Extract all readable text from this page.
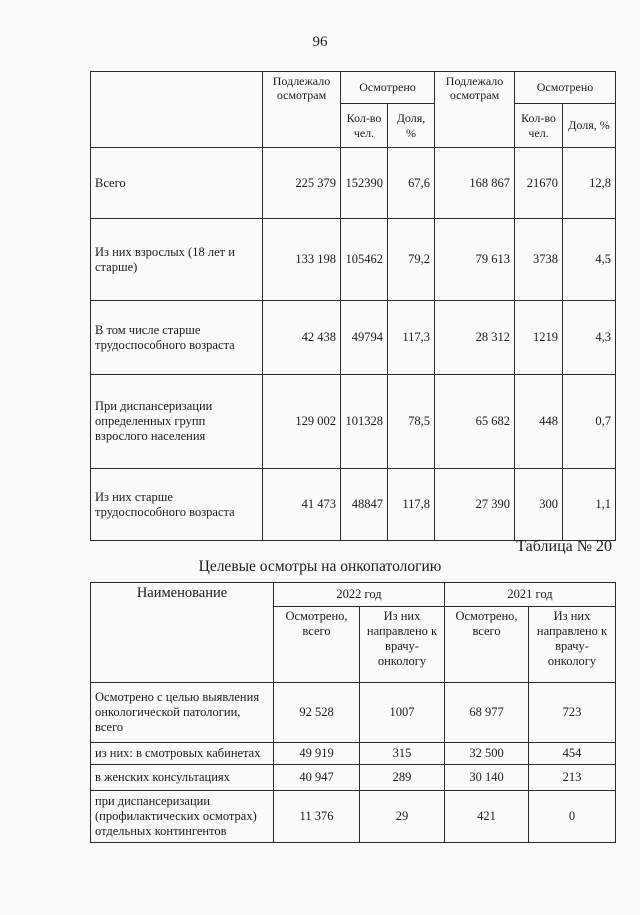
96
	Подлежало осмотрам	Осмотрено		Подлежало осмотрам	Осмотрено	
		Кол-во чел.	Доля, %		Кол-во чел.	Доля, %
Всего	225 379	152390	67,6	168 867	21670	12,8
Из них взрослых (18 лет и старше)	133 198	105462	79,2	79 613	3738	4,5
В том числе старше трудоспособного возраста	42 438	49794	117,3	28 312	1219	4,3
При диспансеризации определенных групп взрослого населения	129 002	101328	78,5	65 682	448	0,7
Из них старше трудоспособного возраста	41 473	48847	117,8	27 390	300	1,1
Таблица № 20
Целевые осмотры на онкопатологию
Наименование	2022 год		2021 год	
	Осмотрено, всего	Из них направлено к врачу-онкологу	Осмотрено, всего	Из них направлено к врачу-онкологу
Осмотрено с целью выявления онкологической патологии, всего	92 528	1007	68 977	723
из них: в смотровых кабинетах	49 919	315	32 500	454
в женских консультациях	40 947	289	30 140	213
при диспансеризации (профилактических осмотрах) отдельных контингентов	11 376	29	421	0
